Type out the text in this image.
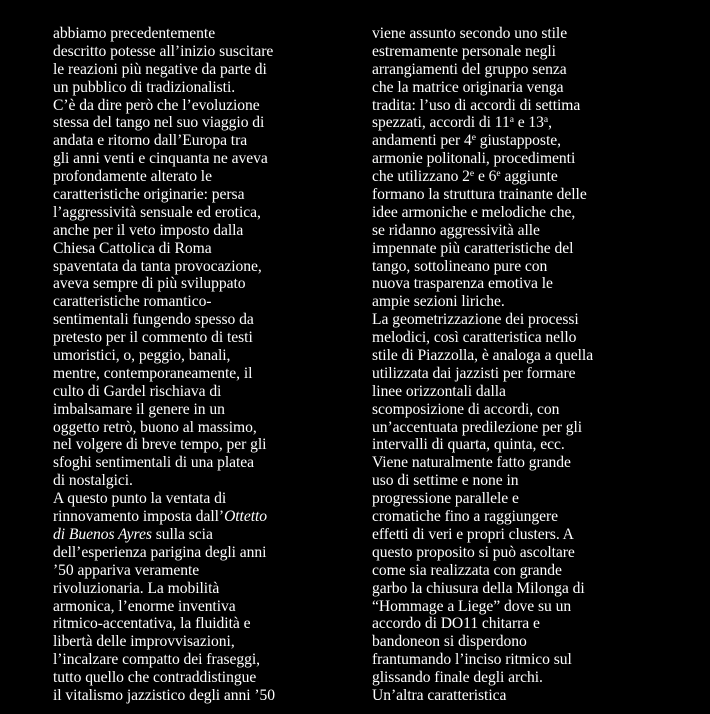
abbiamo precedentemente
descritto potesse all’inizio suscitare
le reazioni più negative da parte di
un pubblico di tradizionalisti.
C’è da dire però che l’evoluzione
stessa del tango nel suo viaggio di
andata e ritorno dall’Europa tra
gli anni venti e cinquanta ne aveva
profondamente alterato le
caratteristiche originarie: persa
l’aggressività sensuale ed erotica,
anche per il veto imposto dalla
Chiesa Cattolica di Roma
spaventata da tanta provocazione,
aveva sempre di più sviluppato
caratteristiche romantico-
sentimentali fungendo spesso da
pretesto per il commento di testi
umoristici, o, peggio, banali,
mentre, contemporaneamente, il
culto di Gardel rischiava di
imbalsamare il genere in un
oggetto retrò, buono al massimo,
nel volgere di breve tempo, per gli
sfoghi sentimentali di una platea
di nostalgici.
A questo punto la ventata di
rinnovamento imposta dall’Ottetto
di Buenos Ayres sulla scia
dell’esperienza parigina degli anni
’50 appariva veramente
rivoluzionaria. La mobilità
armonica, l’enorme inventiva
ritmico-accentativa, la fluidità e
libertà delle improvvisazioni,
l’incalzare compatto dei fraseggi,
tutto quello che contraddistingue
il vitalismo jazzistico degli anni ’50
viene assunto secondo uno stile
estremamente personale negli
arrangiamenti del gruppo senza
che la matrice originaria venga
tradita: l’uso di accordi di settima
spezzati, accordi di 11$^a$ e 13$^a$,
andamenti per 4e giustapposte,
armonie politonali, procedimenti
che utilizzano 2e e 6e aggiunte
formano la struttura trainante delle
idee armoniche e melodiche che,
se ridanno aggressività alle
impennate più caratteristiche del
tango, sottolineano pure con
nuova trasparenza emotiva le
ampie sezioni liriche.
La geometrizzazione dei processi
melodici, così caratteristica nello
stile di Piazzolla, è analoga a quella
utilizzata dai jazzisti per formare
linee orizzontali dalla
scomposizione di accordi, con
un’accentuata predilezione per gli
intervalli di quarta, quinta, ecc.
Viene naturalmente fatto grande
uso di settime e none in
progressione parallele e
cromatiche fino a raggiungere
effetti di veri e propri clusters. A
questo proposito si può ascoltare
come sia realizzata con grande
garbo la chiusura della Milonga di
“Hommage a Liege” dove su un
accordo di DO11 chitarra e
bandoneon si disperdono
frantumando l’inciso ritmico sul
glissando finale degli archi.
Un’altra caratteristica
